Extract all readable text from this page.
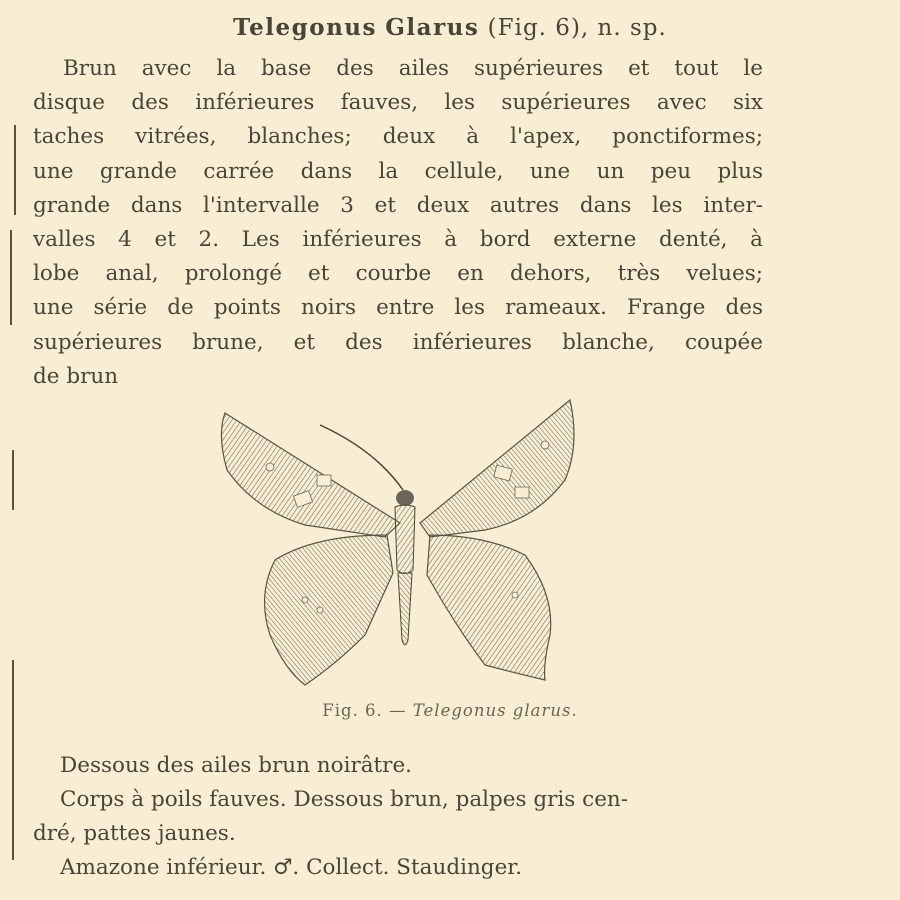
Telegonus Glarus (Fig. 6), n. sp.
Brun avec la base des ailes supérieures et tout le
disque des inférieures fauves, les supérieures avec six
taches vitrées, blanches; deux à l'apex, ponctiformes;
une grande carrée dans la cellule, une un peu plus
grande dans l'intervalle 3 et deux autres dans les inter-
valles 4 et 2. Les inférieures à bord externe denté, à
lobe anal, prolongé et courbe en dehors, très velues;
une série de points noirs entre les rameaux. Frange des
supérieures brune, et des inférieures blanche, coupée
de brun
Fig. 6. — Telegonus glarus.
Dessous des ailes brun noirâtre.
Corps à poils fauves. Dessous brun, palpes gris cen-
dré, pattes jaunes.
Amazone inférieur. ♂. Collect. Staudinger.
